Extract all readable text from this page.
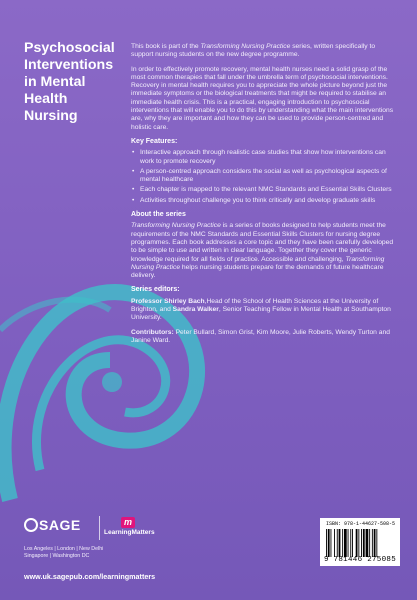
Psychosocial Interventions in Mental Health Nursing

This book is part of the Transforming Nursing Practice series, written specifically to support nursing students on the new degree programme.

In order to effectively promote recovery, mental health nurses need a solid grasp of the most common therapies that fall under the umbrella term of psychosocial interventions. Recovery in mental health requires you to appreciate the whole picture beyond just the immediate symptoms or the biological treatments that might be required to stabilise an immediate health crisis. This is a practical, engaging introduction to psychosocial interventions that will enable you to do this by understanding what the main interventions are, why they are important and how they can be used to provide person-centred and holistic care.

Key Features:
• Interactive approach through realistic case studies that show how interventions can work to promote recovery
• A person-centred approach considers the social as well as psychological aspects of mental healthcare
• Each chapter is mapped to the relevant NMC Standards and Essential Skills Clusters
• Activities throughout challenge you to think critically and develop graduate skills
About the series

Transforming Nursing Practice is a series of books designed to help students meet the requirements of the NMC Standards and Essential Skills Clusters for nursing degree programmes. Each book addresses a core topic and they have been carefully developed to be simple to use and written in clear language. Together they cover the generic knowledge required for all fields of practice. Accessible and challenging, Transforming Nursing Practice helps nursing students prepare for the demands of future healthcare delivery.

Series editors:

Professor Shirley Bach,Head of the School of Health Sciences at the University of Brighton, and Sandra Walker, Senior Teaching Fellow in Mental Health at Southampton University.

Contributors: Peter Bullard, Simon Grist, Kim Moore, Julie Roberts, Wendy Turton and Janine Ward.

SAGE	m
LearningMatters
Los Angeles | London | New Delhi
Singapore | Washington DC
www.uk.sagepub.com/learningmatters
ISBN: 978-1-44627-508-5
9 781446 275085
